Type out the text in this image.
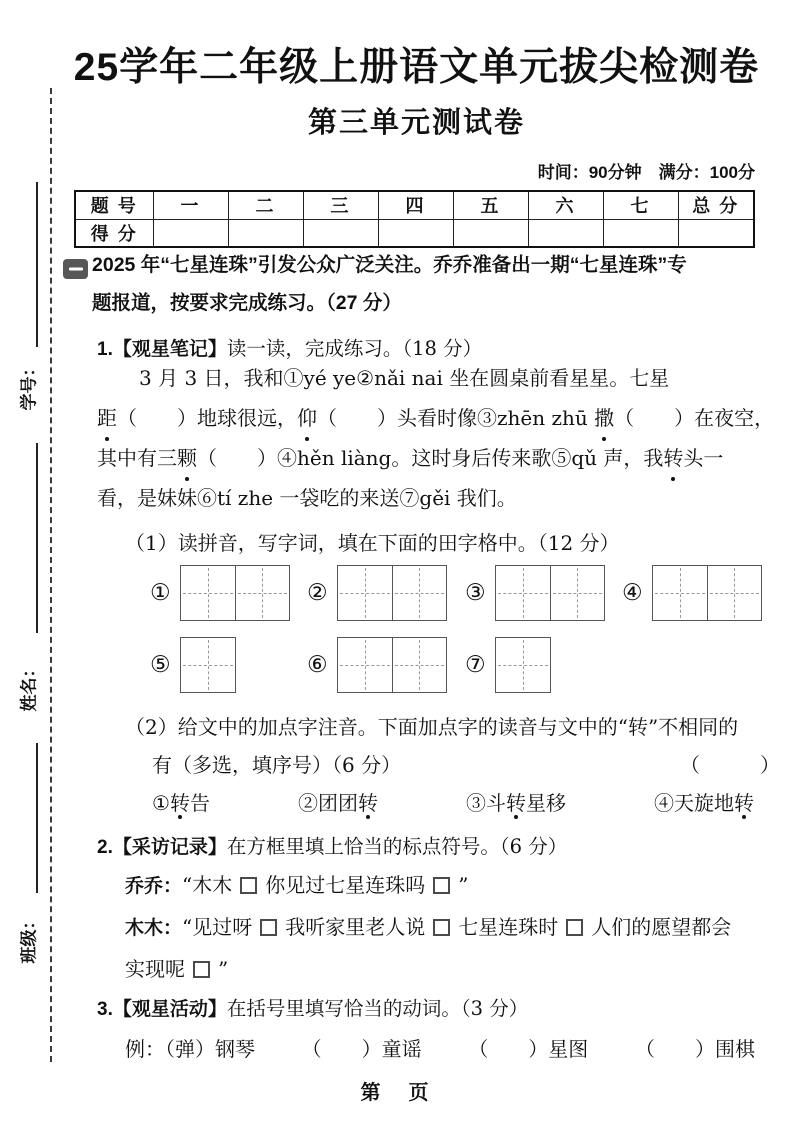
学号：
姓名：
班级：
25学年二年级上册语文单元拔尖检测卷
第三单元测试卷
时间：90分钟　满分：100分
题 号	一	二	三	四	五	六	七	总 分
得 分								
2025 年“七星连珠”引发公众广泛关注。乔乔准备出一期“七星连珠”专
题报道，按要求完成练习。（27 分）
1.【观星笔记】读一读，完成练习。（18 分）
3 月 3 日，我和①yé ye②nǎi nai 坐在圆桌前看星星。七星
距（　　）地球很远，仰（　　）头看时像③zhēn zhū 撒（　　）在夜空，
其中有三颗（　　）④hěn liàng。这时身后传来歌⑤qǔ 声，我转头一
看，是妹妹⑥tí zhe 一袋吃的来送⑦gěi 我们。
（1）读拼音，写字词，填在下面的田字格中。（12 分）
①	②	③	④
⑤	⑥	⑦
（2）给文中的加点字注音。下面加点字的读音与文中的“转”不相同的
有（多选，填序号）（6 分）	（　　　）
①转告	②团团转	③斗转星移	④天旋地转
2.【采访记录】在方框里填上恰当的标点符号。（6 分）
乔乔：“木木 你见过七星连珠吗 ”
木木：“见过呀 我听家里老人说 七星连珠时 人们的愿望都会
实现呢 ”
3.【观星活动】在括号里填写恰当的动词。（3 分）
例：（弹）钢琴 （　　）童谣 （　　）星图 （　　）围棋
第　页
